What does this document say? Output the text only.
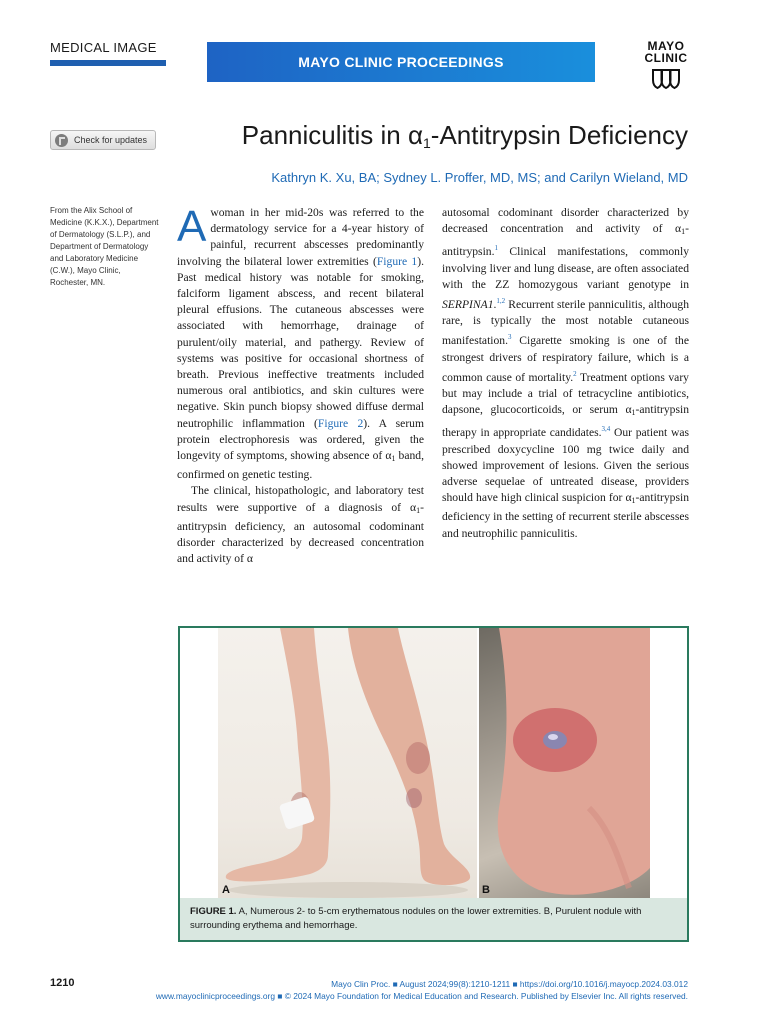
MEDICAL IMAGE
MAYO CLINIC PROCEEDINGS
MAYO
CLINIC
Check for updates	Panniculitis in $\alpha_1$-Antitrypsin Deficiency
Kathryn K. Xu, BA; Sydney L. Proffer, MD, MS; and Carilyn Wieland, MD
From the Alix School of Medicine (K.K.X.), Department of Dermatology (S.L.P.), and Department of Dermatology and Laboratory Medicine (C.W.), Mayo Clinic, Rochester, MN.

Awoman in her mid-20s was referred to the dermatology service for a 4-year history of painful, recurrent abscesses predominantly involving the bilateral lower extremities (Figure 1). Past medical history was notable for smoking, falciform ligament abscess, and recent bilateral pleural effusions. The cutaneous abscesses were associated with hemorrhage, drainage of purulent/oily material, and pathergy. Review of systems was positive for occasional shortness of breath. Previous ineffective treatments included numerous oral antibiotics, and skin cultures were negative. Skin punch biopsy showed diffuse dermal neutrophilic inflammation (Figure 2). A serum protein electrophoresis was ordered, given the longevity of symptoms, showing absence of α1 band, confirmed on genetic testing.

The clinical, histopathologic, and laboratory test results were supportive of a diagnosis of α1-antitrypsin deficiency, an autosomal codominant disorder characterized by decreased concentration and activity of α

autosomal codominant disorder characterized by decreased concentration and activity of α1-antitrypsin.$^1$ Clinical manifestations, commonly involving liver and lung disease, are often associated with the ZZ homozygous variant genotype in SERPINA1.$^{1,2}$ Recurrent sterile panniculitis, although rare, is typically the most notable cutaneous manifestation.$^3$ Cigarette smoking is one of the strongest drivers of respiratory failure, which is a common cause of mortality.$^2$ Treatment options vary but may include a trial of tetracycline antibiotics, dapsone, glucocorticoids, or serum α1-antitrypsin therapy in appropriate candidates.$^{3,4}$ Our patient was prescribed doxycycline 100 mg twice daily and showed improvement of lesions. Given the serious adverse sequelae of untreated disease, providers should have high clinical suspicion for α1-antitrypsin deficiency in the setting of recurrent sterile abscesses and neutrophilic panniculitis.

A	B
FIGURE 1. A, Numerous 2- to 5-cm erythematous nodules on the lower extremities. B, Purulent nodule with surrounding erythema and hemorrhage.
1210	Mayo Clin Proc. ■ August 2024;99(8):1210-1211 ■ https://doi.org/10.1016/j.mayocp.2024.03.012
www.mayoclinicproceedings.org ■ © 2024 Mayo Foundation for Medical Education and Research. Published by Elsevier Inc. All rights reserved.
